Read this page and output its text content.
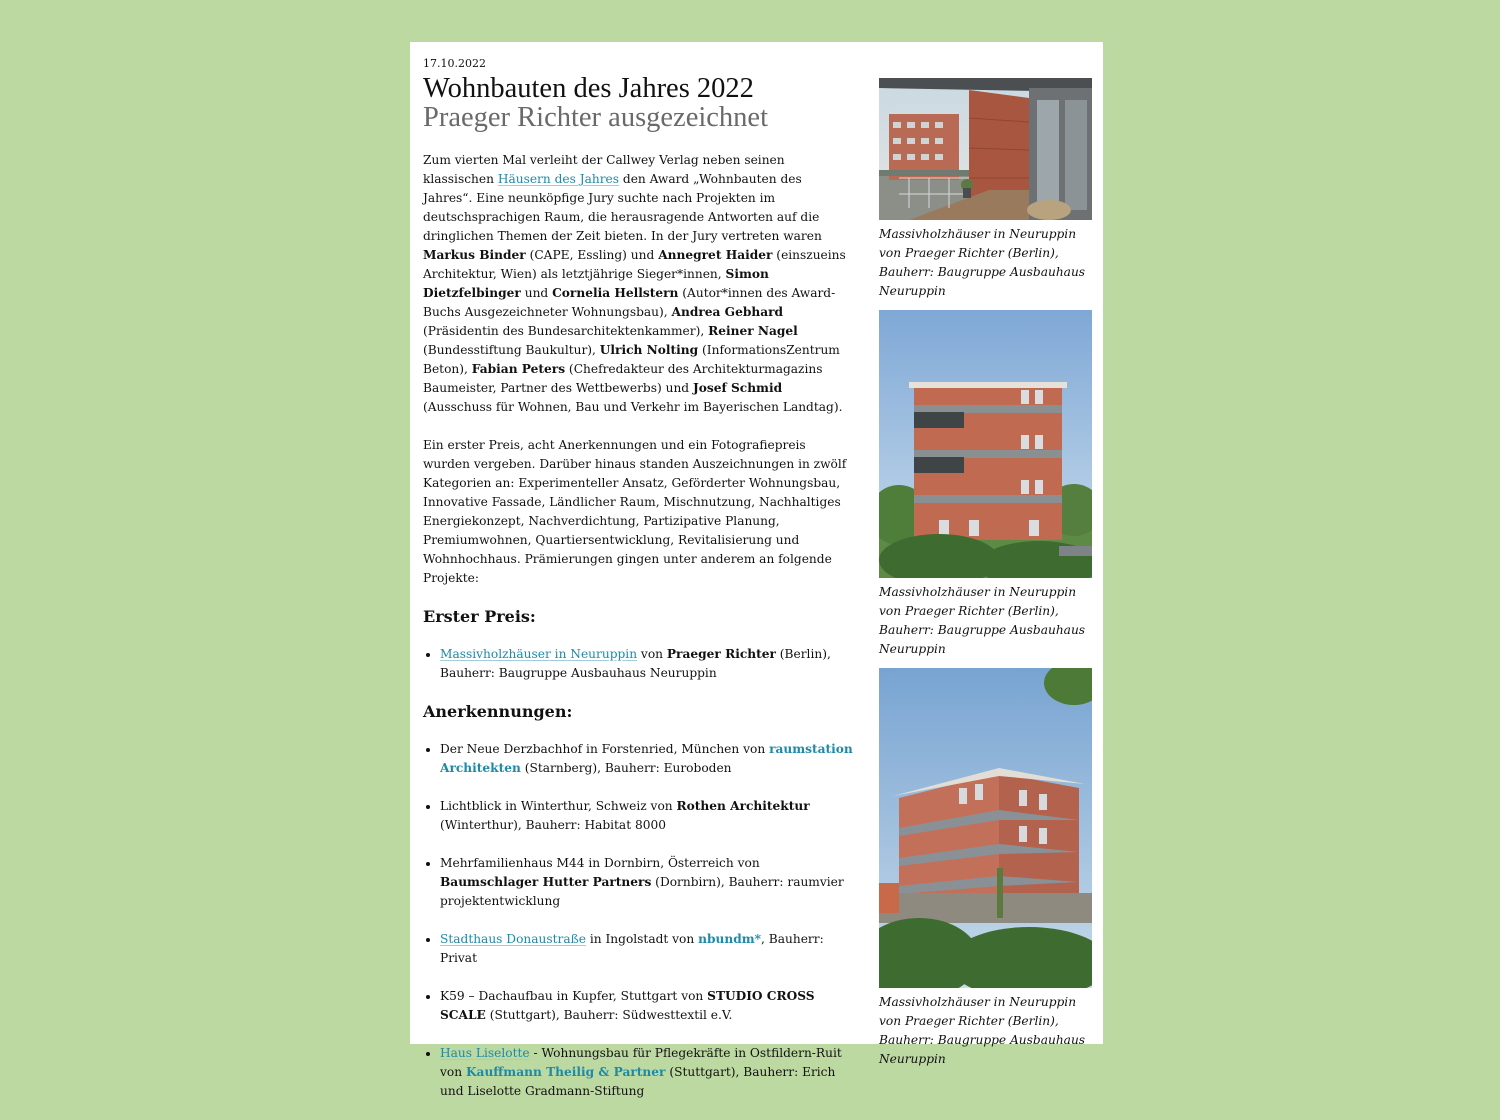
17.10.2022
Wohnbauten des Jahres 2022
Praeger Richter ausgezeichnet

Zum vierten Mal verleiht der Callwey Verlag neben seinen klassischen Häusern des Jahres den Award „Wohnbauten des Jahres“. Eine neunköpfige Jury suchte nach Projekten im deutschsprachigen Raum, die herausragende Antworten auf die dringlichen Themen der Zeit bieten. In der Jury vertreten waren Markus Binder (CAPE, Essling) und Annegret Haider (einszueins Architektur, Wien) als letztjährige Sieger*innen, Simon Dietzfelbinger und Cornelia Hellstern (Autor*innen des Award-Buchs Ausgezeichneter Wohnungsbau), Andrea Gebhard (Präsidentin des Bundesarchitektenkammer), Reiner Nagel (Bundesstiftung Baukultur), Ulrich Nolting (InformationsZentrum Beton), Fabian Peters (Chefredakteur des Architekturmagazins Baumeister, Partner des Wettbewerbs) und Josef Schmid (Ausschuss für Wohnen, Bau und Verkehr im Bayerischen Landtag).

Ein erster Preis, acht Anerkennungen und ein Fotografiepreis wurden vergeben. Darüber hinaus standen Auszeichnungen in zwölf Kategorien an: Experimenteller Ansatz, Geförderter Wohnungsbau, Innovative Fassade, Ländlicher Raum, Mischnutzung, Nachhaltiges Energiekonzept, Nachverdichtung, Partizipative Planung, Premiumwohnen, Quartiersentwicklung, Revitalisierung und Wohnhochhaus. Prämierungen gingen unter anderem an folgende Projekte:

Erster Preis:
• Massivholzhäuser in Neuruppin von Praeger Richter (Berlin), Bauherr: Baugruppe Ausbauhaus Neuruppin
Anerkennungen:
• Der Neue Derzbachhof in Forstenried, München von raumstation Architekten (Starnberg), Bauherr: Euroboden
• Lichtblick in Winterthur, Schweiz von Rothen Architektur (Winterthur), Bauherr: Habitat 8000
• Mehrfamilienhaus M44 in Dornbirn, Österreich von Baumschlager Hutter Partners (Dornbirn), Bauherr: raumvier projektentwicklung
• Stadthaus Donaustraße in Ingolstadt von nbundm*, Bauherr: Privat
• K59 – Dachaufbau in Kupfer, Stuttgart von STUDIO CROSS SCALE (Stuttgart), Bauherr: Südwesttextil e.V.
• Haus Liselotte - Wohnungsbau für Pflegekräfte in Ostfildern-Ruit von Kauffmann Theilig & Partner (Stuttgart), Bauherr: Erich und Liselotte Gradmann-Stiftung
Massivholzhäuser in Neuruppin von Praeger Richter (Berlin), Bauherr: Baugruppe Ausbauhaus Neuruppin
Massivholzhäuser in Neuruppin von Praeger Richter (Berlin), Bauherr: Baugruppe Ausbauhaus Neuruppin
Massivholzhäuser in Neuruppin von Praeger Richter (Berlin), Bauherr: Baugruppe Ausbauhaus Neuruppin
